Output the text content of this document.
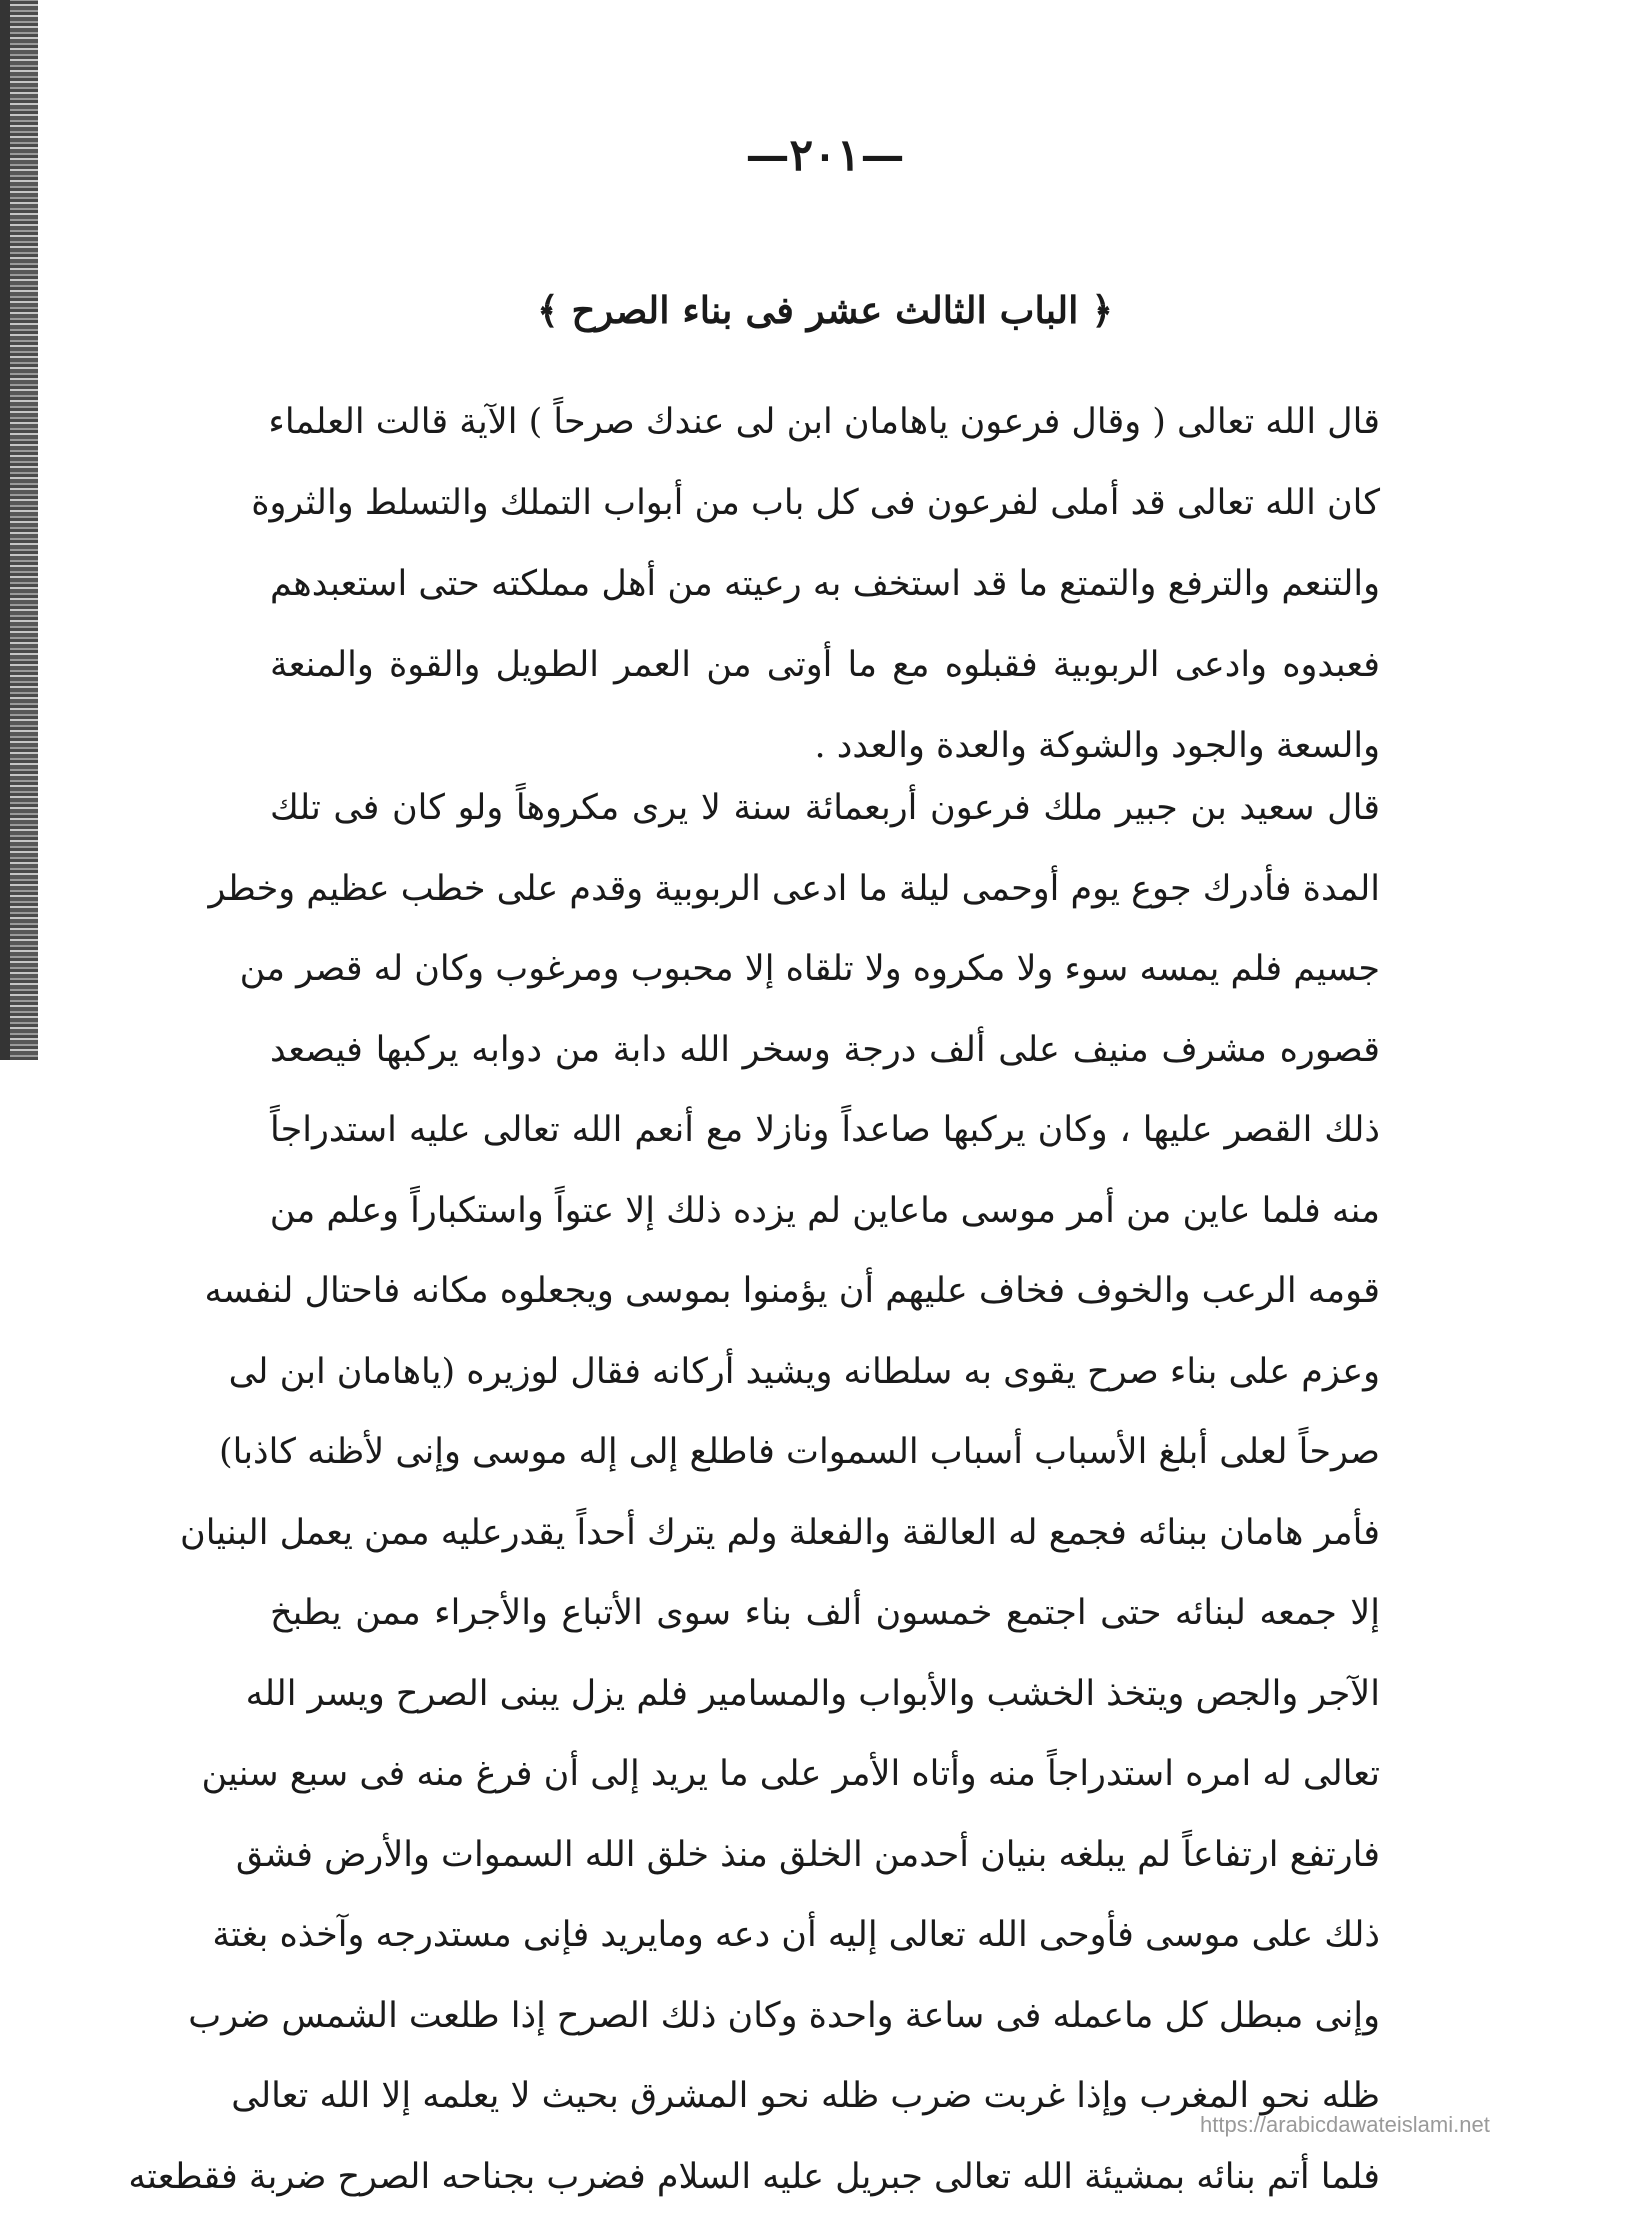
—٢٠١—
﴿ الباب الثالث عشر فى بناء الصرح ﴾
قال الله تعالى ( وقال فرعون ياهامان ابن لى عندك صرحاً ) الآية قالت العلماء
كان الله تعالى قد أملى لفرعون فى كل باب من أبواب التملك والتسلط والثروة
والتنعم والترفع والتمتع ما قد استخف به رعيته من أهل مملكته حتى استعبدهم
فعبدوه وادعى الربوبية فقبلوه مع ما أوتى من العمر الطويل والقوة والمنعة
والسعة والجود والشوكة والعدة والعدد .
قال سعيد بن جبير ملك فرعون أربعمائة سنة لا يرى مكروهاً ولو كان فى تلك
المدة فأدرك جوع يوم أوحمى ليلة ما ادعى الربوبية وقدم على خطب عظيم وخطر
جسيم فلم يمسه سوء ولا مكروه ولا تلقاه إلا محبوب ومرغوب وكان له قصر من
قصوره مشرف منيف على ألف درجة وسخر الله دابة من دوابه يركبها فيصعد
ذلك القصر عليها ، وكان يركبها صاعداً ونازلا مع أنعم الله تعالى عليه استدراجاً
منه فلما عاين من أمر موسى ماعاين لم يزده ذلك إلا عتواً واستكباراً وعلم من
قومه الرعب والخوف فخاف عليهم أن يؤمنوا بموسى ويجعلوه مكانه فاحتال لنفسه
وعزم على بناء صرح يقوى به سلطانه ويشيد أركانه فقال لوزيره (ياهامان ابن لى
صرحاً لعلى أبلغ الأسباب أسباب السموات فاطلع إلى إله موسى وإنى لأظنه كاذبا)
فأمر هامان ببنائه فجمع له العالقة والفعلة ولم يترك أحداً يقدرعليه ممن يعمل البنيان
إلا جمعه لبنائه حتى اجتمع خمسون ألف بناء سوى الأتباع والأجراء ممن يطبخ
الآجر والجص ويتخذ الخشب والأبواب والمسامير فلم يزل يبنى الصرح ويسر الله
تعالى له امره استدراجاً منه وأتاه الأمر على ما يريد إلى أن فرغ منه فى سبع سنين
فارتفع ارتفاعاً لم يبلغه بنيان أحدمن الخلق منذ خلق الله السموات والأرض فشق
ذلك على موسى فأوحى الله تعالى إليه أن دعه ومايريد فإنى مستدرجه وآخذه بغتة
وإنى مبطل كل ماعمله فى ساعة واحدة وكان ذلك الصرح إذا طلعت الشمس ضرب
ظله نحو المغرب وإذا غربت ضرب ظله نحو المشرق بحيث لا يعلمه إلا الله تعالى
فلما أتم بنائه بمشيئة الله تعالى جبريل عليه السلام فضرب بجناحه الصرح ضربة فقطعته
https://arabicdawateislami.net
